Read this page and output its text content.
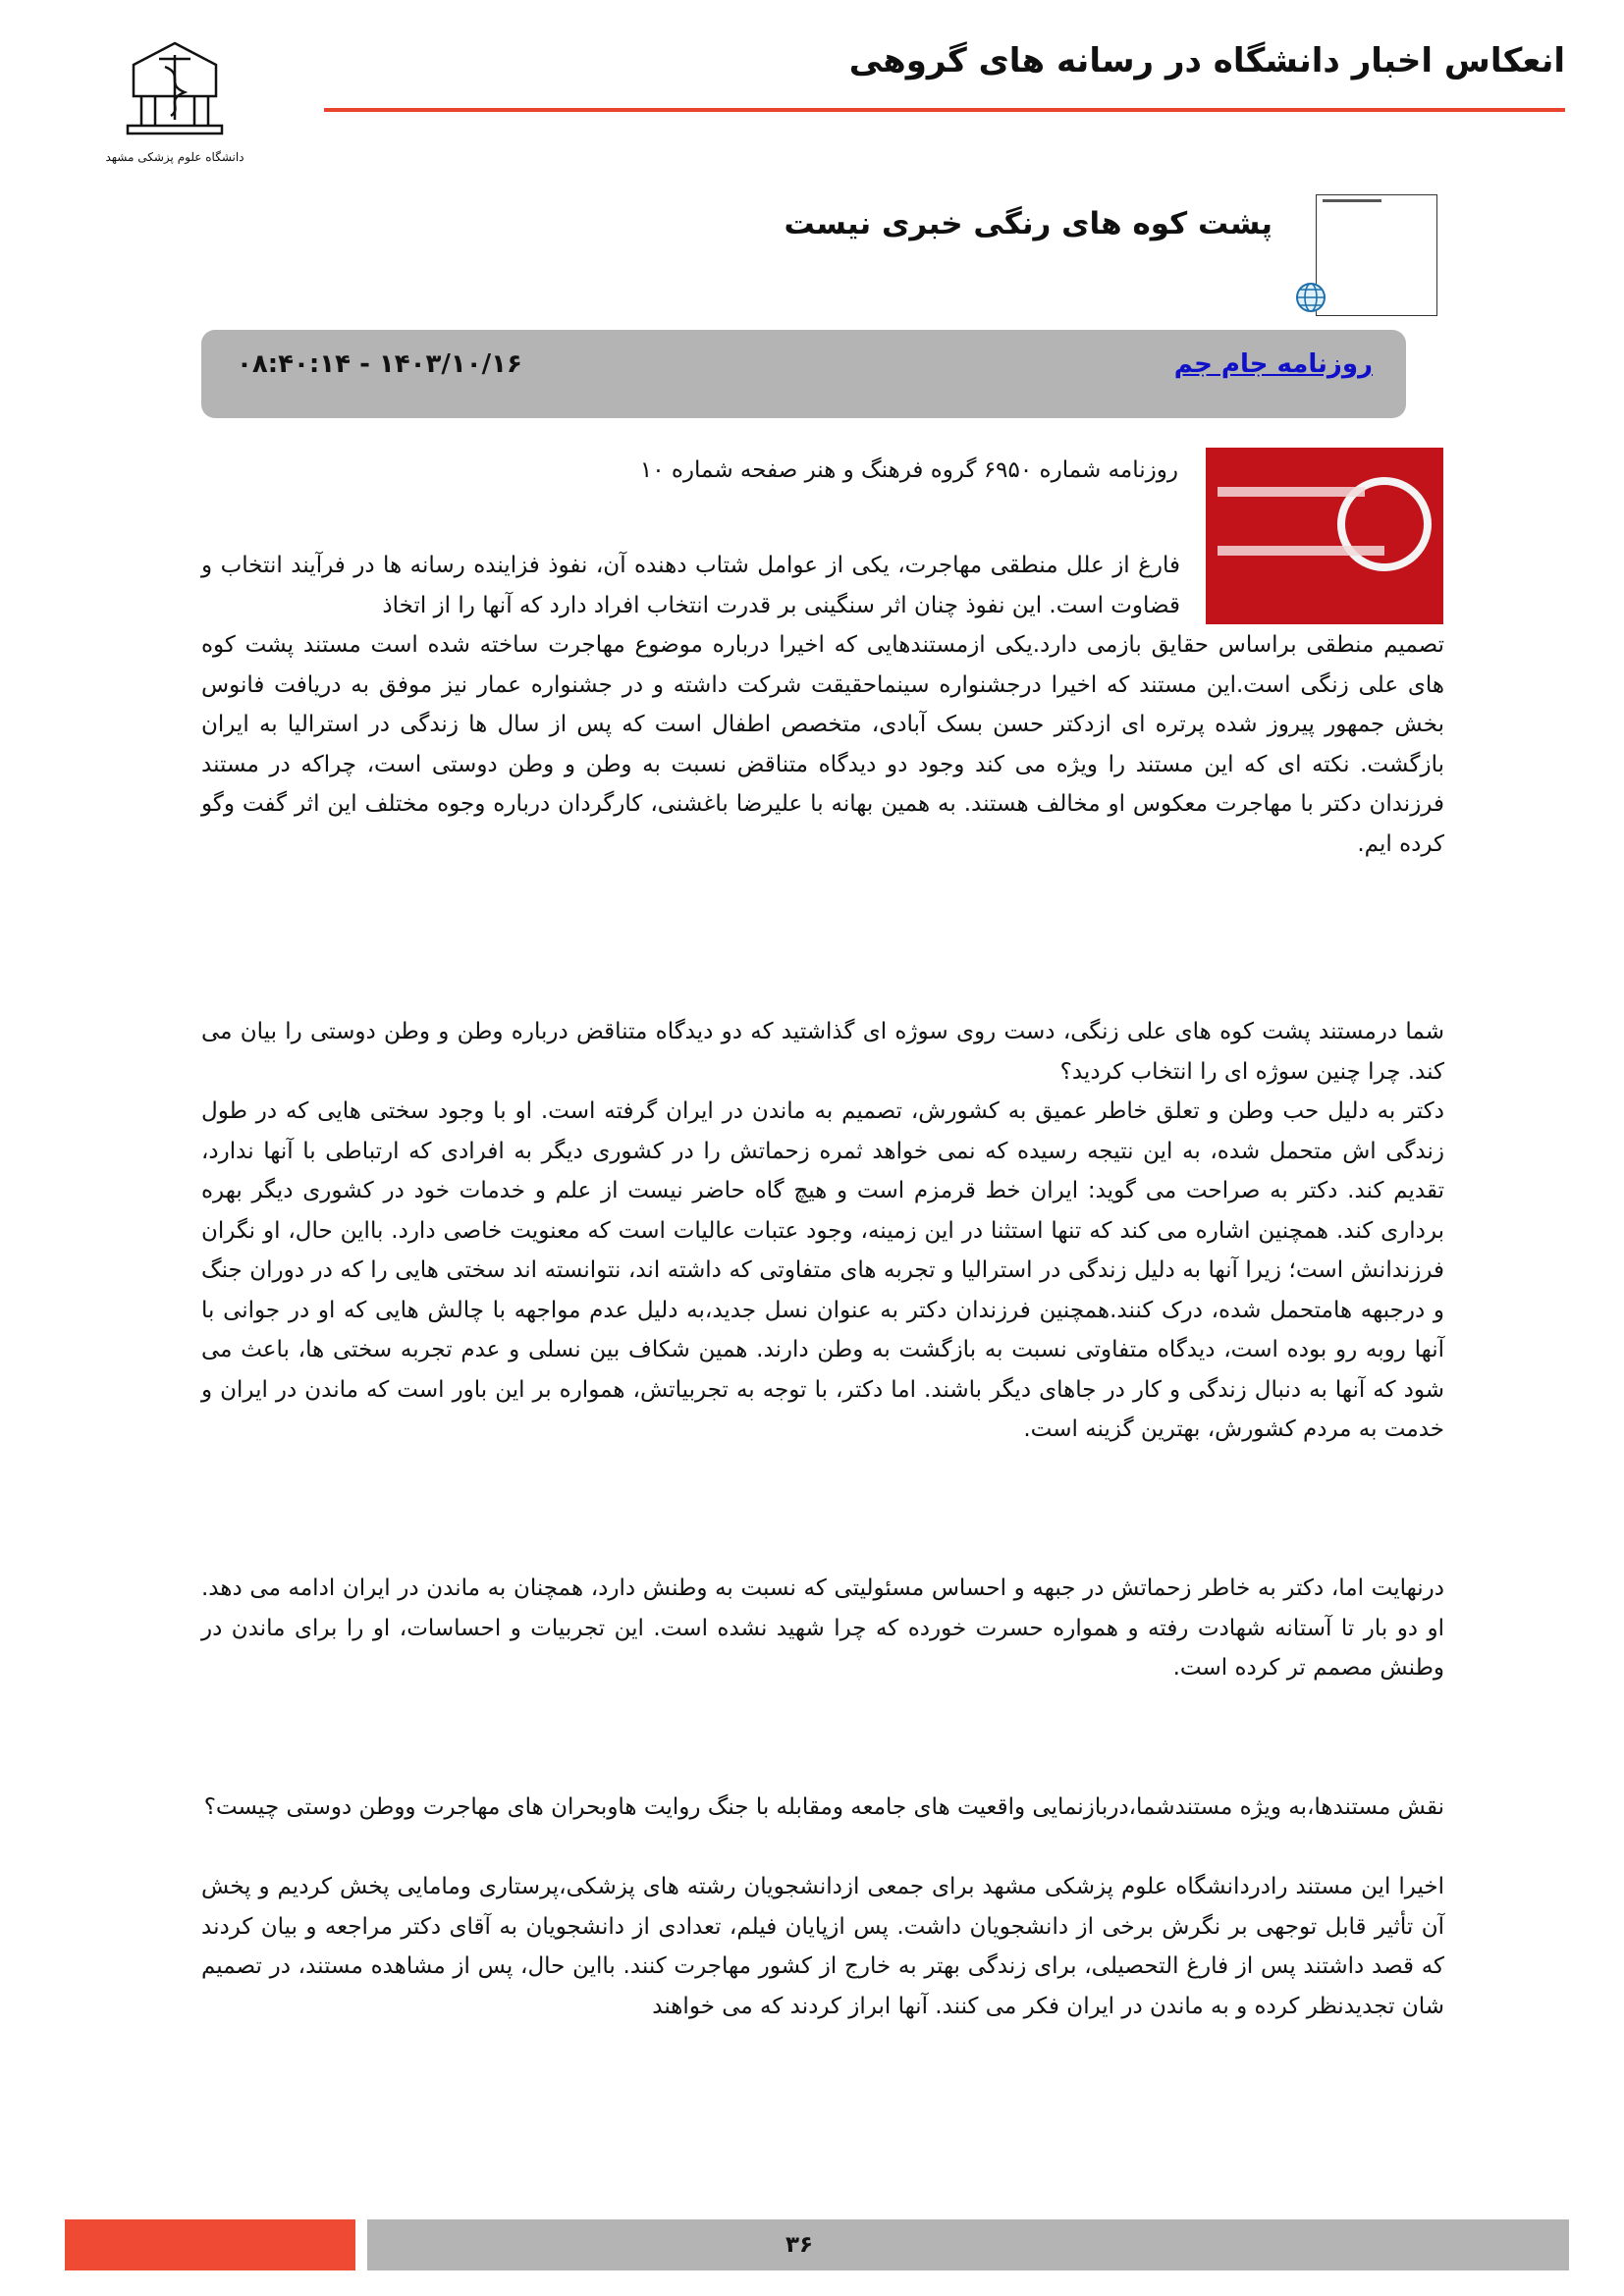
انعکاس اخبار دانشگاه در رسانه های گروهی
دانشگاه علوم پزشکی مشهد
پشت کوه های رنگی خبری نیست
روزنامه جام جم
۱۴۰۳/۱۰/۱۶ - ۰۸:۴۰:۱۴
روزنامه شماره ۶۹۵۰ گروه فرهنگ و هنر صفحه شماره ۱۰
فارغ از علل منطقی مهاجرت، یکی از عوامل شتاب دهنده آن، نفوذ فزاینده رسانه ها در فرآیند انتخاب و قضاوت است. این نفوذ چنان اثر سنگینی بر قدرت انتخاب افراد دارد که آنها را از اتخاذ
تصمیم منطقی براساس حقایق بازمی دارد.یکی ازمستندهایی که اخیرا درباره موضوع مهاجرت ساخته شده است مستند پشت کوه های علی زنگی است.این مستند که اخیرا درجشنواره سینماحقیقت شرکت داشته و در جشنواره عمار نیز موفق به دریافت فانوس بخش جمهور پیروز شده پرتره ای ازدکتر حسن بسک آبادی، متخصص اطفال است که پس از سال ها زندگی در استرالیا به ایران بازگشت. نکته ای که این مستند را ویژه می کند وجود دو دیدگاه متناقض نسبت به وطن و وطن دوستی است، چراکه در مستند فرزندان دکتر با مهاجرت معکوس او مخالف هستند. به همین بهانه با علیرضا باغشنی، کارگردان درباره وجوه مختلف این اثر گفت وگو کرده ایم.
شما درمستند پشت کوه های علی زنگی، دست روی سوژه ای گذاشتید که دو دیدگاه متناقض درباره وطن و وطن دوستی را بیان می کند. چرا چنین سوژه ای را انتخاب کردید؟
دکتر به دلیل حب وطن و تعلق خاطر عمیق به کشورش، تصمیم به ماندن در ایران گرفته است. او با وجود سختی هایی که در طول زندگی اش متحمل شده، به این نتیجه رسیده که نمی خواهد ثمره زحماتش را در کشوری دیگر به افرادی که ارتباطی با آنها ندارد، تقدیم کند. دکتر به صراحت می گوید: ایران خط قرمزم است و هیچ گاه حاضر نیست از علم و خدمات خود در کشوری دیگر بهره برداری کند. همچنین اشاره می کند که تنها استثنا در این زمینه، وجود عتبات عالیات است که معنویت خاصی دارد. بااین حال، او نگران فرزندانش است؛ زیرا آنها به دلیل زندگی در استرالیا و تجربه های متفاوتی که داشته اند، نتوانسته اند سختی هایی را که در دوران جنگ و درجبهه هامتحمل شده، درک کنند.همچنین فرزندان دکتر به عنوان نسل جدید،به دلیل عدم مواجهه با چالش هایی که او در جوانی با آنها روبه رو بوده است، دیدگاه متفاوتی نسبت به بازگشت به وطن دارند. همین شکاف بین نسلی و عدم تجربه سختی ها، باعث می شود که آنها به دنبال زندگی و کار در جاهای دیگر باشند. اما دکتر، با توجه به تجربیاتش، همواره بر این باور است که ماندن در ایران و خدمت به مردم کشورش، بهترین گزینه است.
درنهایت اما، دکتر به خاطر زحماتش در جبهه و احساس مسئولیتی که نسبت به وطنش دارد، همچنان به ماندن در ایران ادامه می دهد. او دو بار تا آستانه شهادت رفته و همواره حسرت خورده که چرا شهید نشده است. این تجربیات و احساسات، او را برای ماندن در وطنش مصمم تر کرده است.
نقش مستندها،به ویژه مستندشما،دربازنمایی واقعیت های جامعه ومقابله با جنگ روایت هاوبحران های مهاجرت ووطن دوستی چیست؟
اخیرا این مستند رادردانشگاه علوم پزشکی مشهد برای جمعی ازدانشجویان رشته های پزشکی،پرستاری ومامایی پخش کردیم و پخش آن تأثیر قابل توجهی بر نگرش برخی از دانشجویان داشت. پس ازپایان فیلم، تعدادی از دانشجویان به آقای دکتر مراجعه و بیان کردند که قصد داشتند پس از فارغ التحصیلی، برای زندگی بهتر به خارج از کشور مهاجرت کنند. بااین حال، پس از مشاهده مستند، در تصمیم شان تجدیدنظر کرده و به ماندن در ایران فکر می کنند. آنها ابراز کردند که می خواهند
۳۶
